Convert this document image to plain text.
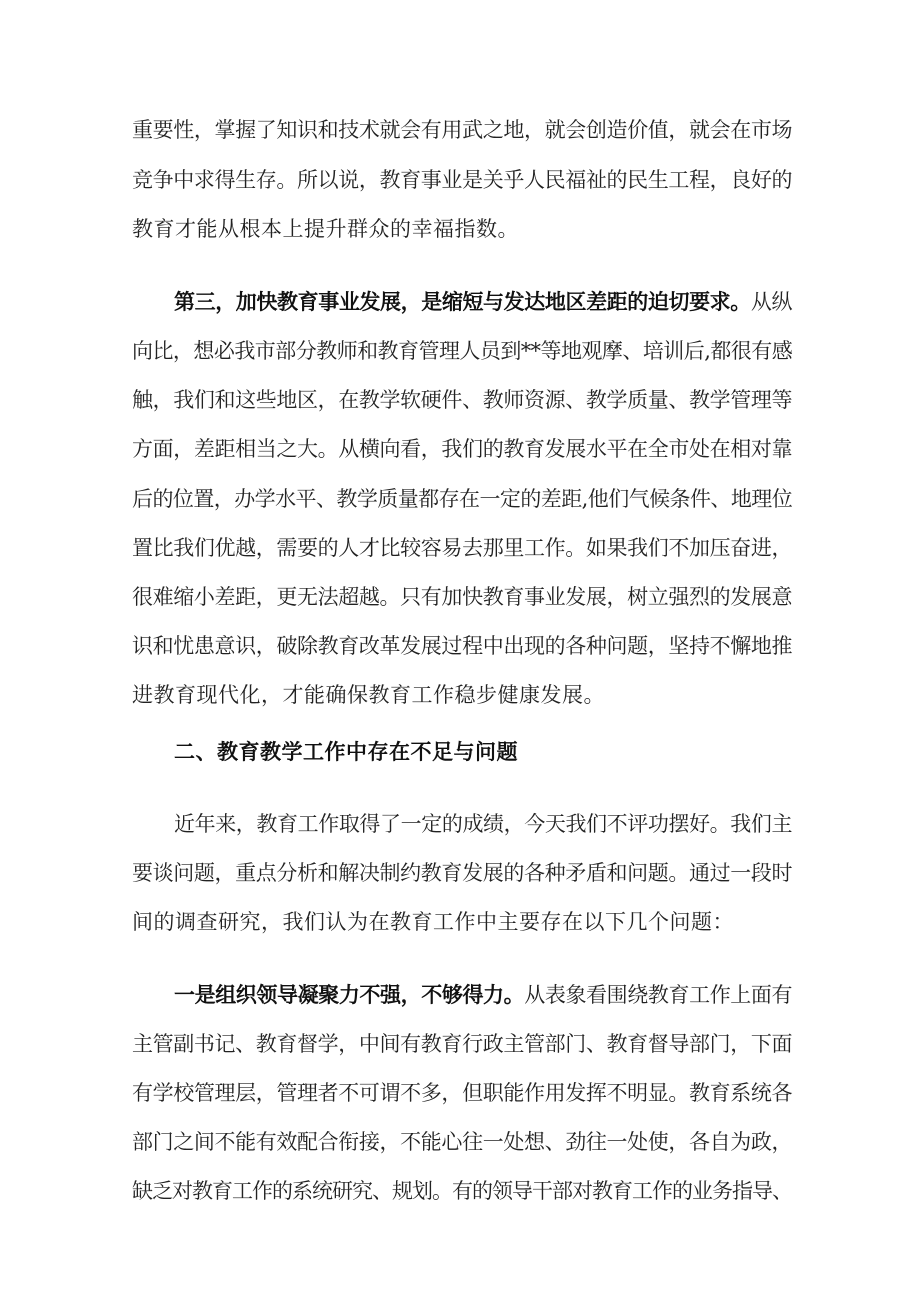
重要性，掌握了知识和技术就会有用武之地，就会创造价值，就会在市场
竞争中求得生存。所以说，教育事业是关乎人民福祉的民生工程，良好的
教育才能从根本上提升群众的幸福指数。
第三，加快教育事业发展，是缩短与发达地区差距的迫切要求。从纵
向比，想必我市部分教师和教育管理人员到**等地观摩、培训后,都很有感
触，我们和这些地区，在教学软硬件、教师资源、教学质量、教学管理等
方面，差距相当之大。从横向看，我们的教育发展水平在全市处在相对靠
后的位置，办学水平、教学质量都存在一定的差距,他们气候条件、地理位
置比我们优越，需要的人才比较容易去那里工作。如果我们不加压奋进，
很难缩小差距，更无法超越。只有加快教育事业发展，树立强烈的发展意
识和忧患意识，破除教育改革发展过程中出现的各种问题，坚持不懈地推
进教育现代化，才能确保教育工作稳步健康发展。
二、教育教学工作中存在不足与问题
近年来，教育工作取得了一定的成绩，今天我们不评功摆好。我们主
要谈问题，重点分析和解决制约教育发展的各种矛盾和问题。通过一段时
间的调查研究，我们认为在教育工作中主要存在以下几个问题：
一是组织领导凝聚力不强，不够得力。从表象看围绕教育工作上面有
主管副书记、教育督学，中间有教育行政主管部门、教育督导部门，下面
有学校管理层，管理者不可谓不多，但职能作用发挥不明显。教育系统各
部门之间不能有效配合衔接，不能心往一处想、劲往一处使，各自为政，
缺乏对教育工作的系统研究、规划。有的领导干部对教育工作的业务指导、
